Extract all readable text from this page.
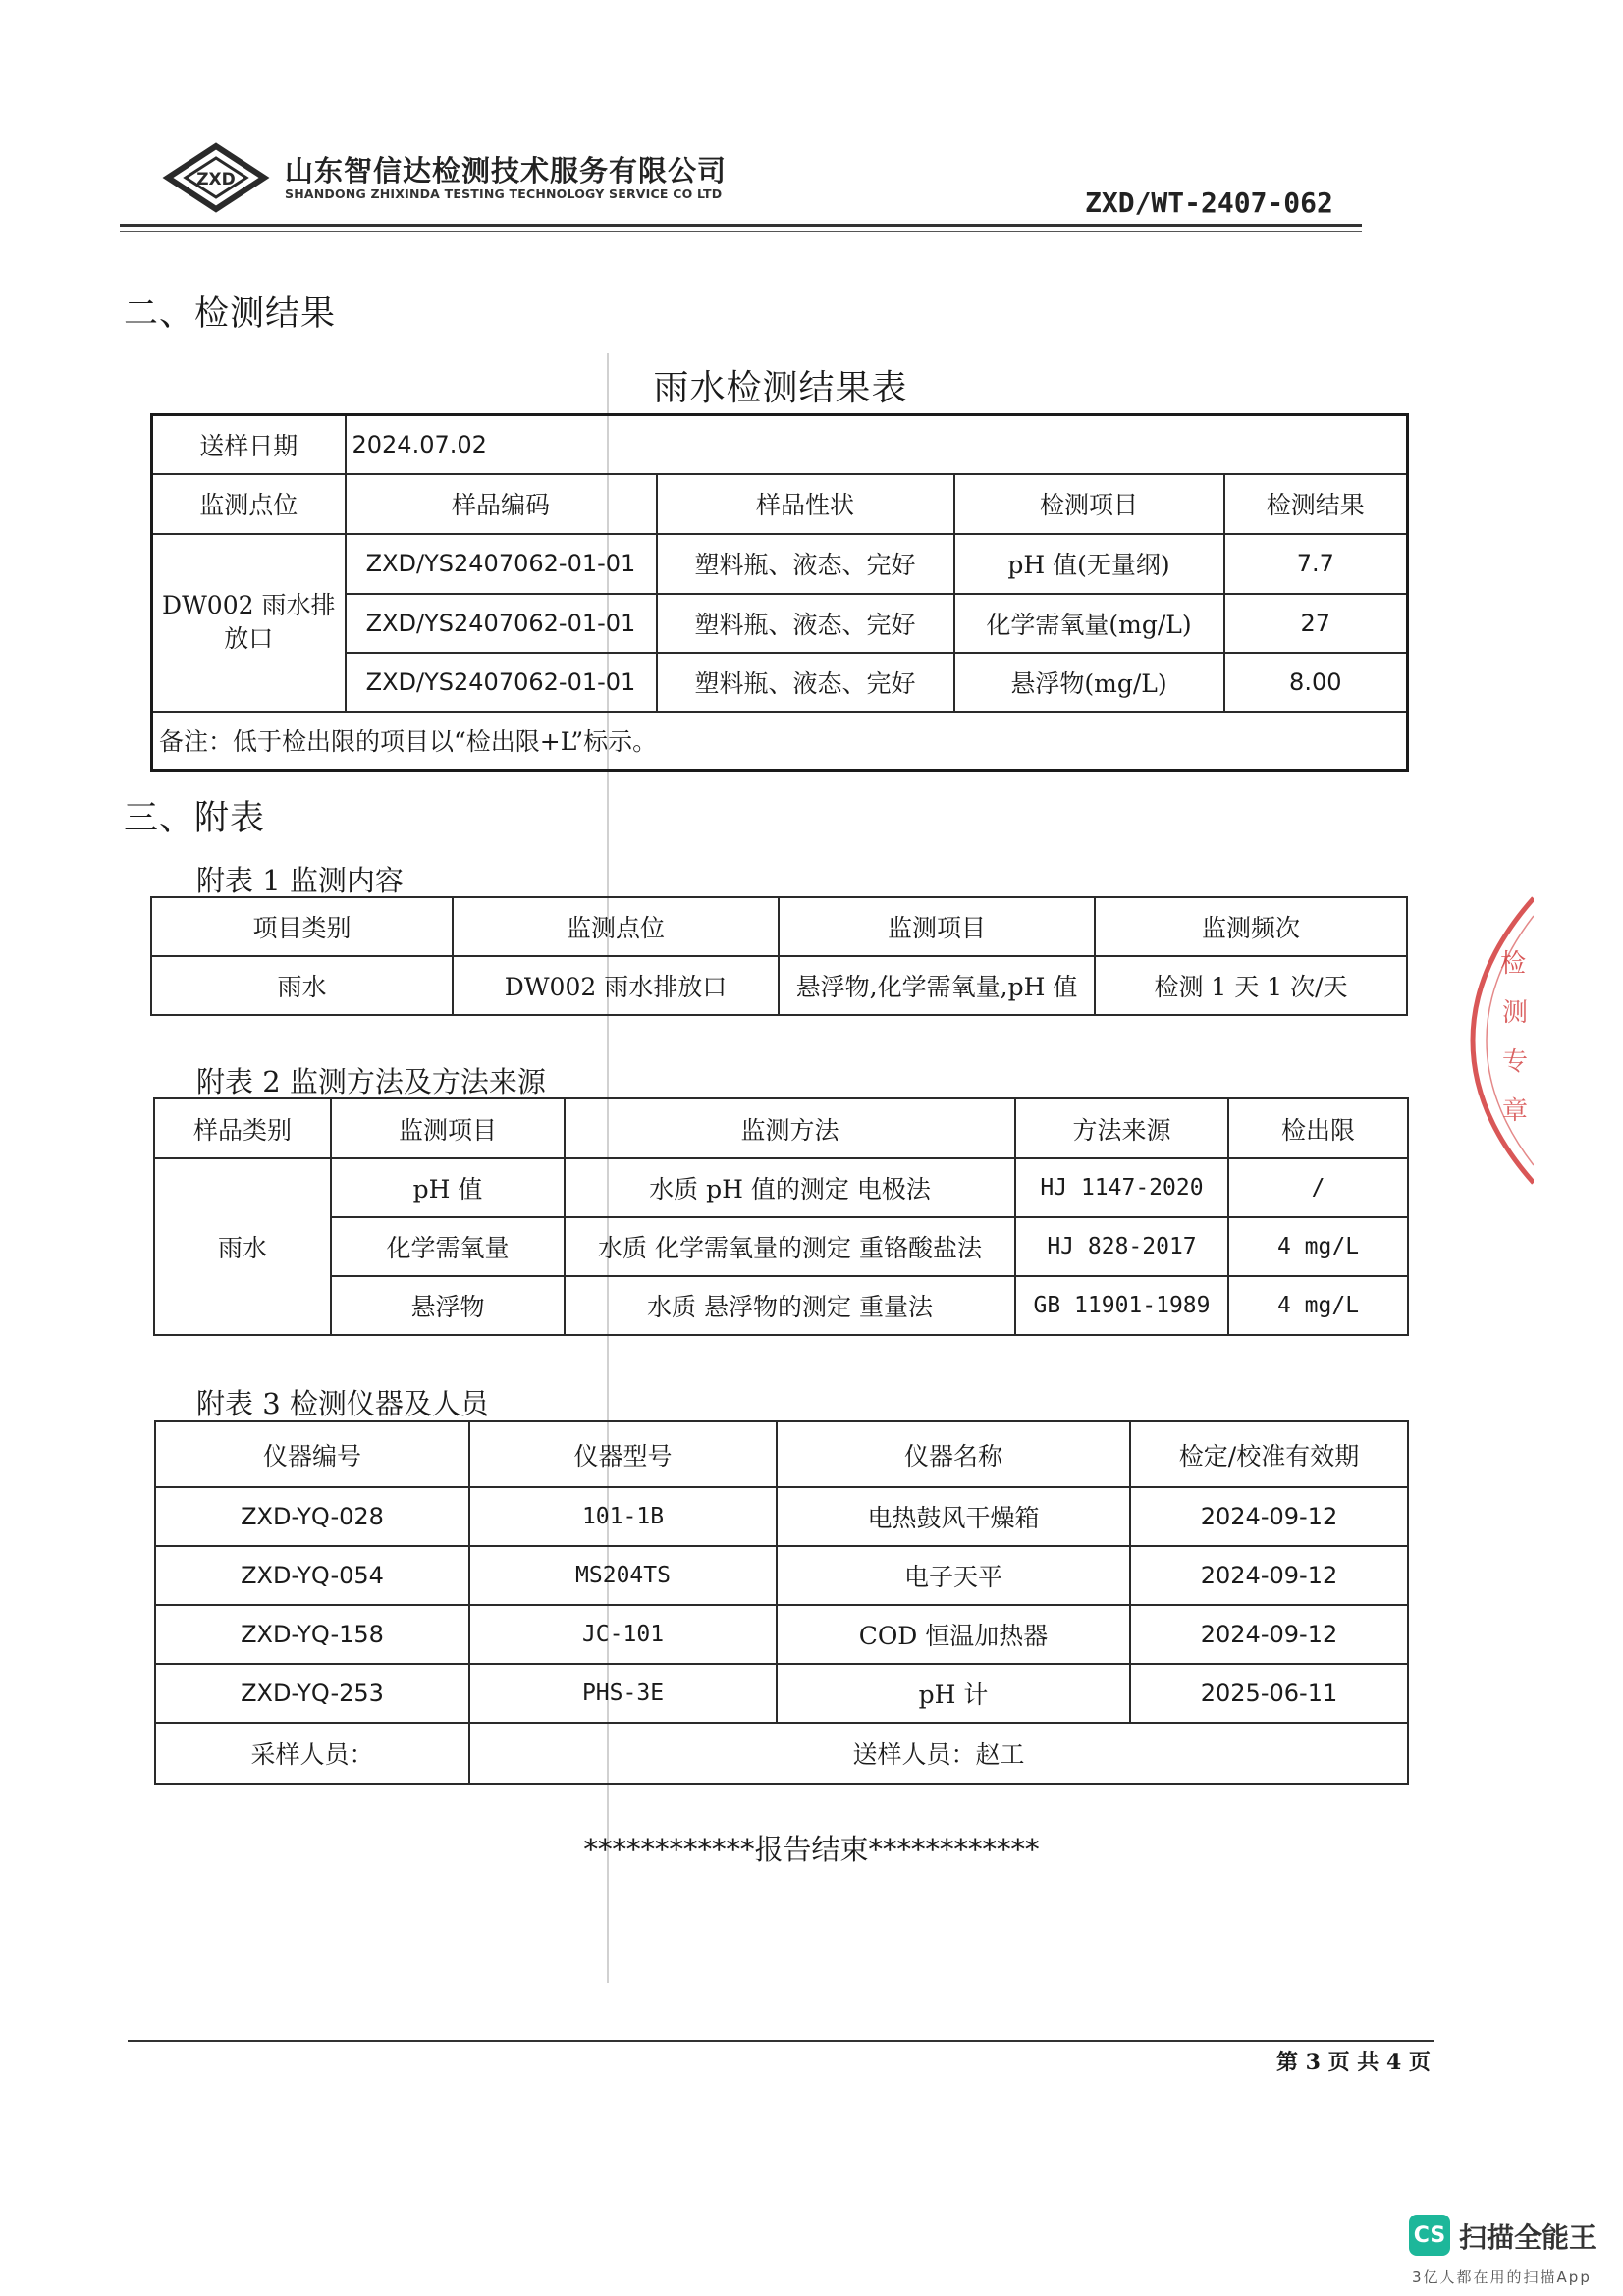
ZXD 山东智信达检测技术服务有限公司
SHANDONG ZHIXINDA TESTING TECHNOLOGY SERVICE CO LTD	ZXD/WT-2407-062
二、检测结果
雨水检测结果表
送样日期	2024.07.02			
监测点位	样品编码	样品性状	检测项目	检测结果
DW002 雨水排放口	ZXD/YS2407062-01-01	塑料瓶、液态、完好	pH 值(无量纲)	7.7
	ZXD/YS2407062-01-01	塑料瓶、液态、完好	化学需氧量(mg/L)	27
	ZXD/YS2407062-01-01	塑料瓶、液态、完好	悬浮物(mg/L)	8.00
备注：低于检出限的项目以“检出限+L”标示。				
三、附表
附表 1 监测内容
项目类别	监测点位	监测项目	监测频次
雨水	DW002 雨水排放口	悬浮物,化学需氧量,pH 值	检测 1 天 1 次/天
附表 2 监测方法及方法来源
样品类别	监测项目	监测方法	方法来源	检出限
雨水	pH 值	水质 pH 值的测定 电极法	HJ 1147-2020	/
	化学需氧量	水质 化学需氧量的测定 重铬酸盐法	HJ 828-2017	4 mg/L
	悬浮物	水质 悬浮物的测定 重量法	GB 11901-1989	4 mg/L
附表 3 检测仪器及人员
仪器编号	仪器型号	仪器名称	检定/校准有效期
ZXD-YQ-028	101-1B	电热鼓风干燥箱	2024-09-12
ZXD-YQ-054	MS204TS	电子天平	2024-09-12
ZXD-YQ-158	JC-101	COD 恒温加热器	2024-09-12
ZXD-YQ-253	PHS-3E	pH 计	2025-06-11
采样人员：	送样人员：赵工		
************报告结束************
第 3 页 共 4 页
检
测
专
章
CS 扫描全能王
3亿人都在用的扫描App
